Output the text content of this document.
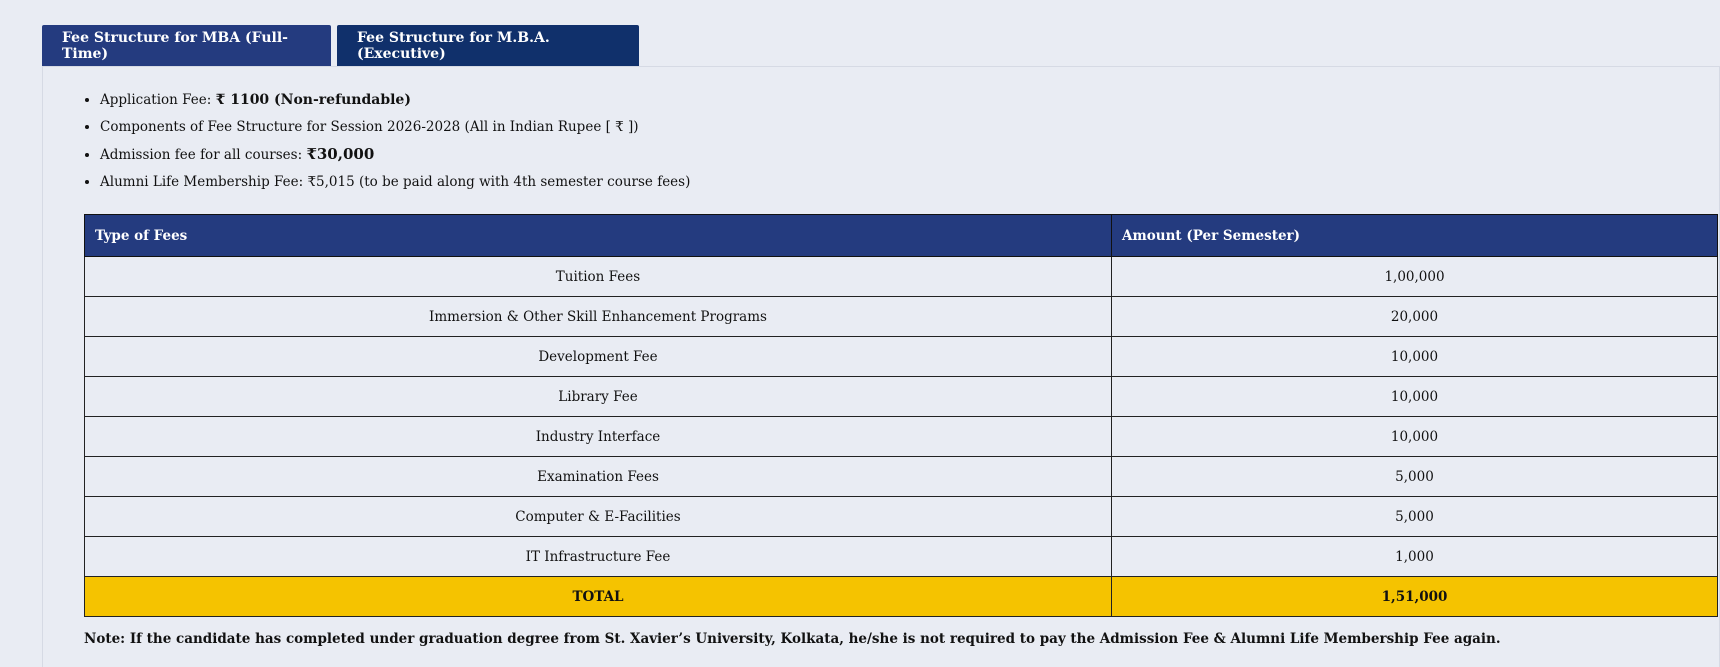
Fee Structure for MBA (Full-Time)
Fee Structure for M.B.A. (Executive)
• Application Fee: ₹ 1100 (Non-refundable)
• Components of Fee Structure for Session 2026-2028 (All in Indian Rupee [ ₹ ])
• Admission fee for all courses: ₹30,000
• Alumni Life Membership Fee: ₹5,015 (to be paid along with 4th semester course fees)
Type of Fees	Amount (Per Semester)
Tuition Fees	1,00,000
Immersion & Other Skill Enhancement Programs	20,000
Development Fee	10,000
Library Fee	10,000
Industry Interface	10,000
Examination Fees	5,000
Computer & E-Facilities	5,000
IT Infrastructure Fee	1,000
TOTAL	1,51,000

Note: If the candidate has completed under graduation degree from St. Xavier’s University, Kolkata, he/she is not required to pay the Admission Fee & Alumni Life Membership Fee again.
